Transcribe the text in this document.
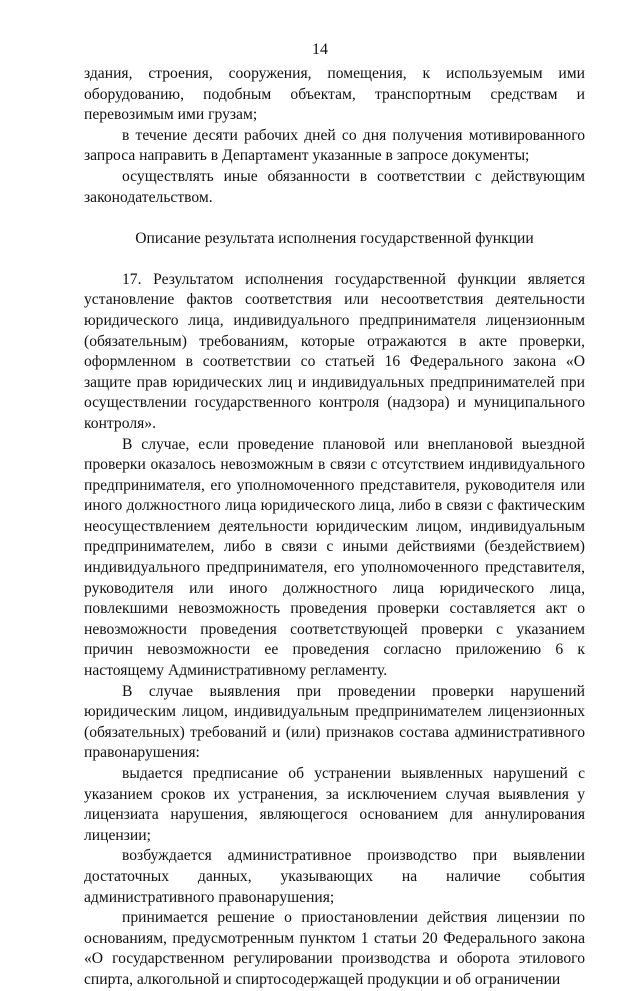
14

здания, строения, сооружения, помещения, к используемым ими оборудованию, подобным объектам, транспортным средствам и перевозимым ими грузам;

в течение десяти рабочих дней со дня получения мотивированного запроса направить в Департамент указанные в запросе документы;

осуществлять иные обязанности в соответствии с действующим законодательством.

Описание результата исполнения государственной функции

17. Результатом исполнения государственной функции является установление фактов соответствия или несоответствия деятельности юридического лица, индивидуального предпринимателя лицензионным (обязательным) требованиям, которые отражаются в акте проверки, оформленном в соответствии со статьей 16 Федерального закона «О защите прав юридических лиц и индивидуальных предпринимателей при осуществлении государственного контроля (надзора) и муниципального контроля».

В случае, если проведение плановой или внеплановой выездной проверки оказалось невозможным в связи с отсутствием индивидуального предпринимателя, его уполномоченного представителя, руководителя или иного должностного лица юридического лица, либо в связи с фактическим неосуществлением деятельности юридическим лицом, индивидуальным предпринимателем, либо в связи с иными действиями (бездействием) индивидуального предпринимателя, его уполномоченного представителя, руководителя или иного должностного лица юридического лица, повлекшими невозможность проведения проверки составляется акт о невозможности проведения соответствующей проверки с указанием причин невозможности ее проведения согласно приложению 6 к настоящему Административному регламенту.

В случае выявления при проведении проверки нарушений юридическим лицом, индивидуальным предпринимателем лицензионных (обязательных) требований и (или) признаков состава административного правонарушения:

выдается предписание об устранении выявленных нарушений с указанием сроков их устранения, за исключением случая выявления у лицензиата нарушения, являющегося основанием для аннулирования лицензии;

возбуждается административное производство при выявлении достаточных данных, указывающих на наличие события административного правонарушения;

принимается решение о приостановлении действия лицензии по основаниям, предусмотренным пунктом 1 статьи 20 Федерального закона «О государственном регулировании производства и оборота этилового спирта, алкогольной и спиртосодержащей продукции и об ограничении
